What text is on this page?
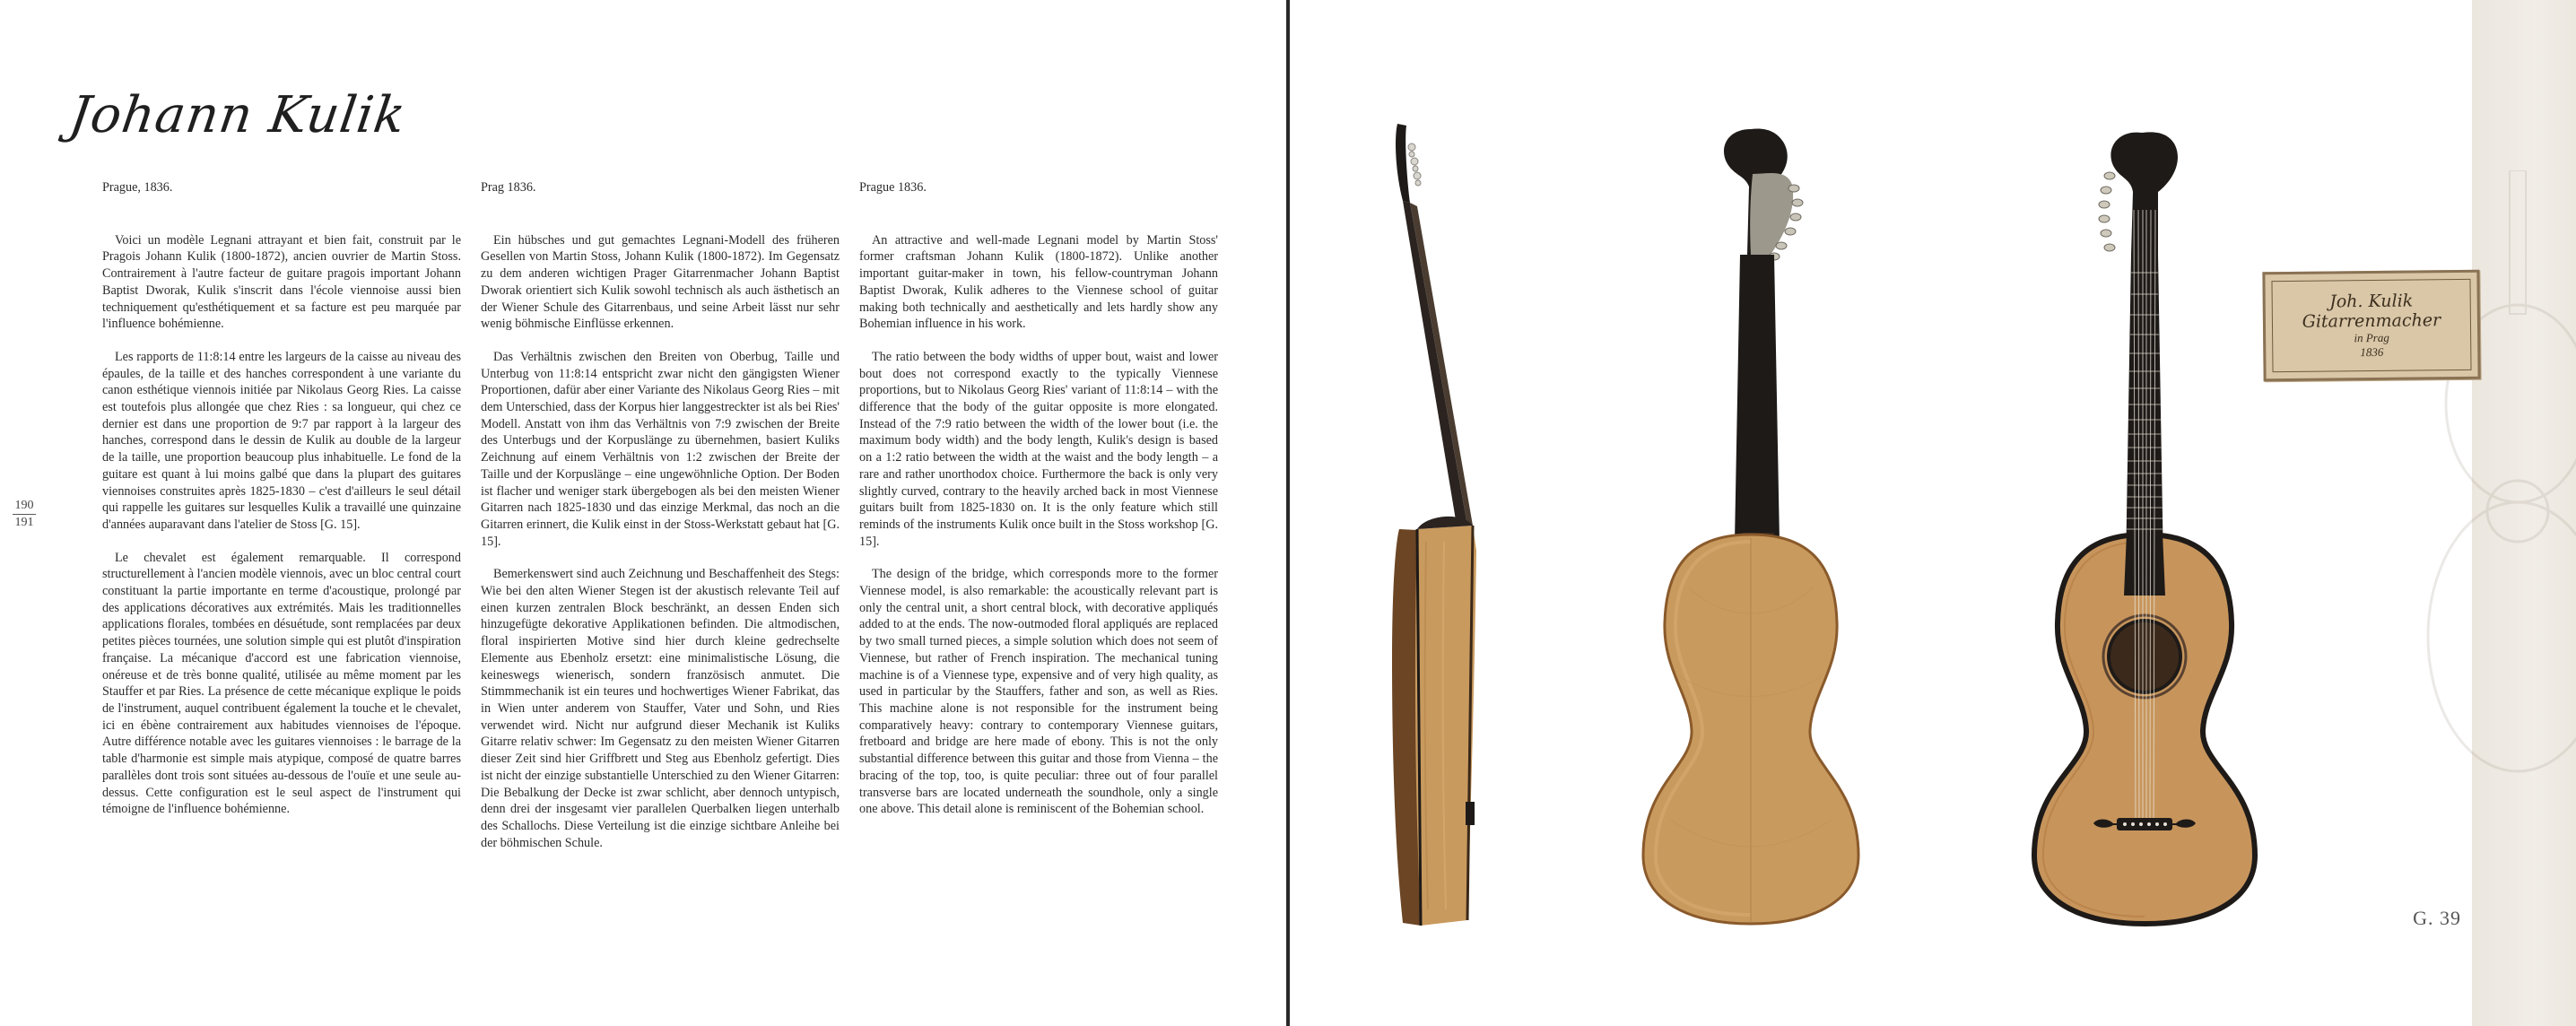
Johann Kulik
190
191
Prague, 1836.

Voici un modèle Legnani attrayant et bien fait, construit par le Pragois Johann Kulik (1800-1872), ancien ouvrier de Martin Stoss. Contrairement à l'autre facteur de guitare pragois important Johann Baptist Dworak, Kulik s'inscrit dans l'école viennoise aussi bien techniquement qu'esthétiquement et sa facture est peu marquée par l'influence bohémienne.

Les rapports de 11:8:14 entre les largeurs de la caisse au niveau des épaules, de la taille et des hanches correspondent à une variante du canon esthétique viennois initiée par Nikolaus Georg Ries. La caisse est toutefois plus allongée que chez Ries : sa longueur, qui chez ce dernier est dans une proportion de 9:7 par rapport à la largeur des hanches, correspond dans le dessin de Kulik au double de la largeur de la taille, une proportion beaucoup plus inhabituelle. Le fond de la guitare est quant à lui moins galbé que dans la plupart des guitares viennoises construites après 1825-1830 – c'est d'ailleurs le seul détail qui rappelle les guitares sur lesquelles Kulik a travaillé une quinzaine d'années auparavant dans l'atelier de Stoss [G. 15].

Le chevalet est également remarquable. Il correspond structurellement à l'ancien modèle viennois, avec un bloc central court constituant la partie importante en terme d'acoustique, prolongé par des applications décoratives aux extrémités. Mais les traditionnelles applications florales, tombées en désuétude, sont remplacées par deux petites pièces tournées, une solution simple qui est plutôt d'inspiration française. La mécanique d'accord est une fabrication viennoise, onéreuse et de très bonne qualité, utilisée au même moment par les Stauffer et par Ries. La présence de cette mécanique explique le poids de l'instrument, auquel contribuent également la touche et le chevalet, ici en ébène contrairement aux habitudes viennoises de l'époque. Autre différence notable avec les guitares viennoises : le barrage de la table d'harmonie est simple mais atypique, composé de quatre barres parallèles dont trois sont situées au-dessous de l'ouïe et une seule au-dessus. Cette configuration est le seul aspect de l'instrument qui témoigne de l'influence bohémienne.

Prag 1836.

Ein hübsches und gut gemachtes Legnani-Modell des früheren Gesellen von Martin Stoss, Johann Kulik (1800-1872). Im Gegensatz zu dem anderen wichtigen Prager Gitarrenmacher Johann Baptist Dworak orientiert sich Kulik sowohl technisch als auch ästhetisch an der Wiener Schule des Gitarrenbaus, und seine Arbeit lässt nur sehr wenig böhmische Einflüsse erkennen.

Das Verhältnis zwischen den Breiten von Oberbug, Taille und Unterbug von 11:8:14 entspricht zwar nicht den gängigsten Wiener Proportionen, dafür aber einer Variante des Nikolaus Georg Ries – mit dem Unterschied, dass der Korpus hier langgestreckter ist als bei Ries' Modell. Anstatt von ihm das Verhältnis von 7:9 zwischen der Breite des Unterbugs und der Korpuslänge zu übernehmen, basiert Kuliks Zeichnung auf einem Verhältnis von 1:2 zwischen der Breite der Taille und der Korpuslänge – eine ungewöhnliche Option. Der Boden ist flacher und weniger stark übergebogen als bei den meisten Wiener Gitarren nach 1825-1830 und das einzige Merkmal, das noch an die Gitarren erinnert, die Kulik einst in der Stoss-Werkstatt gebaut hat [G. 15].

Bemerkenswert sind auch Zeichnung und Beschaffenheit des Stegs: Wie bei den alten Wiener Stegen ist der akustisch relevante Teil auf einen kurzen zentralen Block beschränkt, an dessen Enden sich hinzugefügte dekorative Applikationen befinden. Die altmodischen, floral inspirierten Motive sind hier durch kleine gedrechselte Elemente aus Ebenholz ersetzt: eine minimalistische Lösung, die keineswegs wienerisch, sondern französisch anmutet. Die Stimmmechanik ist ein teures und hochwertiges Wiener Fabrikat, das in Wien unter anderem von Stauffer, Vater und Sohn, und Ries verwendet wird. Nicht nur aufgrund dieser Mechanik ist Kuliks Gitarre relativ schwer: Im Gegensatz zu den meisten Wiener Gitarren dieser Zeit sind hier Griffbrett und Steg aus Ebenholz gefertigt. Dies ist nicht der einzige substantielle Unterschied zu den Wiener Gitarren: Die Bebalkung der Decke ist zwar schlicht, aber dennoch untypisch, denn drei der insgesamt vier parallelen Querbalken liegen unterhalb des Schallochs. Diese Verteilung ist die einzige sichtbare Anleihe bei der böhmischen Schule.

Prague 1836.

An attractive and well-made Legnani model by Martin Stoss' former craftsman Johann Kulik (1800-1872). Unlike another important guitar-maker in town, his fellow-countryman Johann Baptist Dworak, Kulik adheres to the Viennese school of guitar making both technically and aesthetically and lets hardly show any Bohemian influence in his work.

The ratio between the body widths of upper bout, waist and lower bout does not correspond exactly to the typically Viennese proportions, but to Nikolaus Georg Ries' variant of 11:8:14 – with the difference that the body of the guitar opposite is more elongated. Instead of the 7:9 ratio between the width of the lower bout (i.e. the maximum body width) and the body length, Kulik's design is based on a 1:2 ratio between the width at the waist and the body length – a rare and rather unorthodox choice. Furthermore the back is only very slightly curved, contrary to the heavily arched back in most Viennese guitars built from 1825-1830 on. It is the only feature which still reminds of the instruments Kulik once built in the Stoss workshop [G. 15].

The design of the bridge, which corresponds more to the former Viennese model, is also remarkable: the acoustically relevant part is only the central unit, a short central block, with decorative appliqués added to at the ends. The now-outmoded floral appliqués are replaced by two small turned pieces, a simple solution which does not seem of Viennese, but rather of French inspiration. The mechanical tuning machine is of a Viennese type, expensive and of very high quality, as used in particular by the Stauffers, father and son, as well as Ries. This machine alone is not responsible for the instrument being comparatively heavy: contrary to contemporary Viennese guitars, fretboard and bridge are here made of ebony. This is not the only substantial difference between this guitar and those from Vienna – the bracing of the top, too, is quite peculiar: three out of four parallel transverse bars are located underneath the soundhole, only a single one above. This detail alone is reminiscent of the Bohemian school.

Joh. Kulik Gitarrenmacher
in Prag
1836
G. 39
